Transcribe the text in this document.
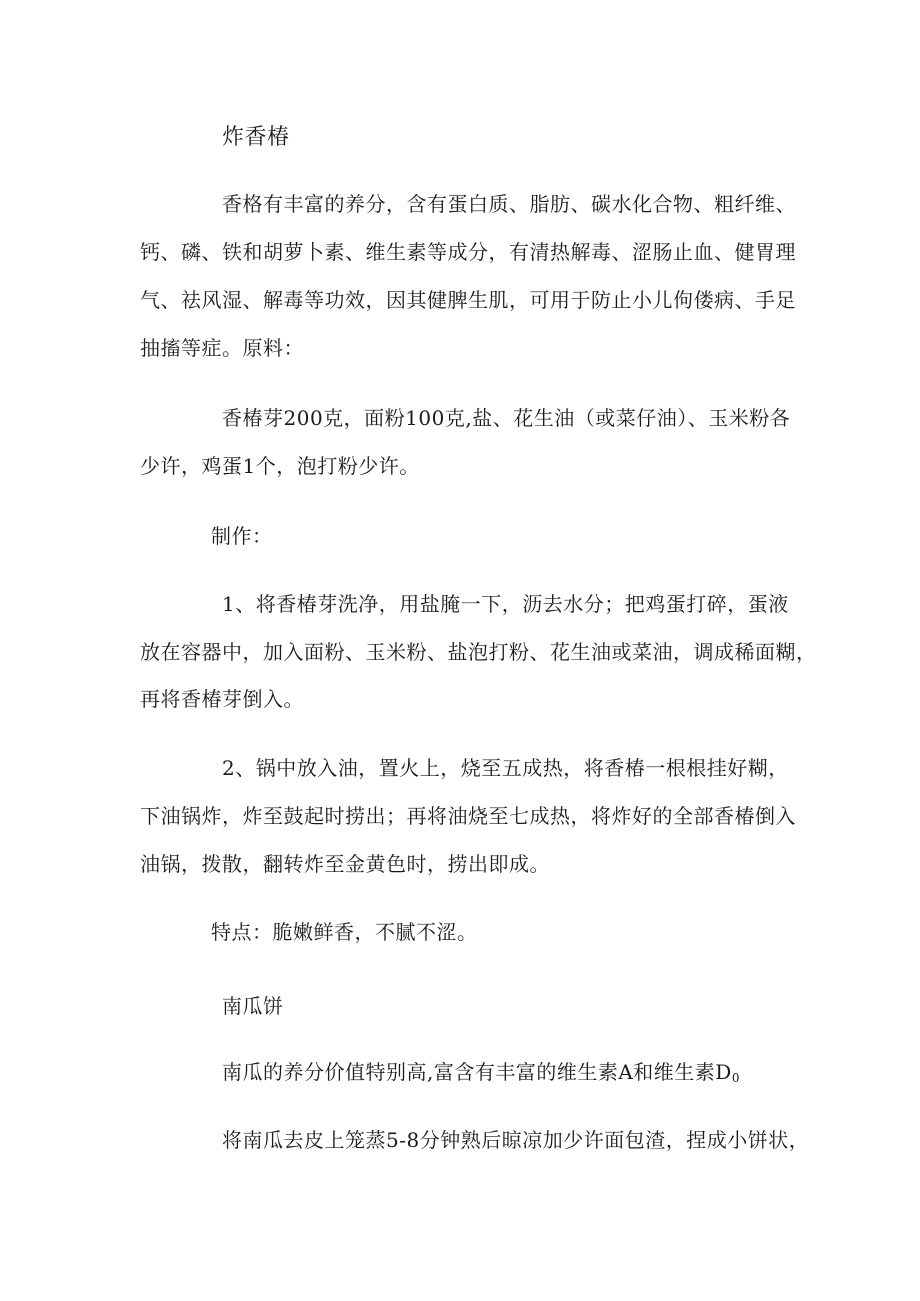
炸香椿
香格有丰富的养分，含有蛋白质、脂肪、碳水化合物、粗纤维、
钙、磷、铁和胡萝卜素、维生素等成分，有清热解毒、涩肠止血、健胃理
气、祛风湿、解毒等功效，因其健脾生肌，可用于防止小儿佝偻病、手足
抽搐等症。原料：
香椿芽200克，面粉100克,盐、花生油（或菜仔油）、玉米粉各
少许，鸡蛋1个，泡打粉少许。
制作：
1、将香椿芽洗净，用盐腌一下，沥去水分；把鸡蛋打碎，蛋液
放在容器中，加入面粉、玉米粉、盐泡打粉、花生油或菜油，调成稀面糊，
再将香椿芽倒入。
2、锅中放入油，置火上，烧至五成热，将香椿一根根挂好糊，
下油锅炸，炸至鼓起时捞出；再将油烧至七成热，将炸好的全部香椿倒入
油锅，拨散，翻转炸至金黄色时，捞出即成。
特点：脆嫩鲜香，不腻不涩。
南瓜饼
南瓜的养分价值特别高,富含有丰富的维生素A和维生素$D_0$
将南瓜去皮上笼蒸5-8分钟熟后晾凉加少许面包渣，捏成小饼状，
